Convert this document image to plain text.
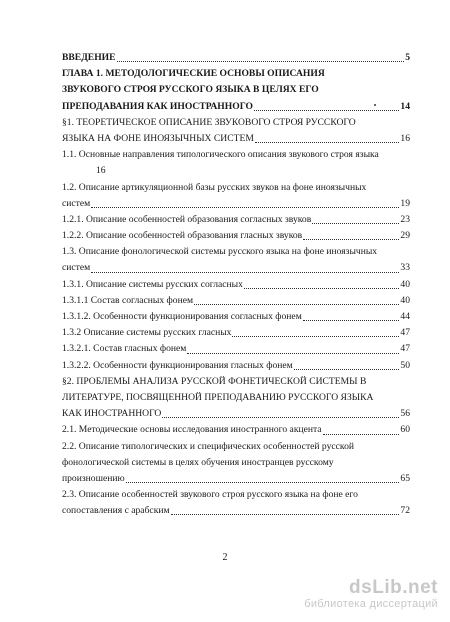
ВВЕДЕНИЕ	5
ГЛАВА 1. МЕТОДОЛОГИЧЕСКИЕ ОСНОВЫ ОПИСАНИЯ
ЗВУКОВОГО СТРОЯ РУССКОГО ЯЗЫКА В ЦЕЛЯХ ЕГО
ПРЕПОДАВАНИЯ КАК ИНОСТРАННОГО	14
§1. ТЕОРЕТИЧЕСКОЕ ОПИСАНИЕ ЗВУКОВОГО СТРОЯ РУССКОГО
ЯЗЫКА НА ФОНЕ ИНОЯЗЫЧНЫХ СИСТЕМ	16
1.1. Основные направления типологического описания звукового строя языка
16
1.2. Описание артикуляционной базы русских звуков на фоне иноязычных
систем	19
1.2.1. Описание особенностей образования согласных звуков	23
1.2.2. Описание особенностей образования гласных звуков	29
1.3. Описание фонологической системы русского языка на фоне иноязычных
систем	33
1.3.1. Описание системы русских согласных	40
1.3.1.1 Состав согласных фонем	40
1.3.1.2. Особенности функционирования согласных фонем	44
1.3.2 Описание системы русских гласных	47
1.3.2.1. Состав гласных фонем	47
1.3.2.2. Особенности функционирования гласных фонем	50
§2. ПРОБЛЕМЫ АНАЛИЗА РУССКОЙ ФОНЕТИЧЕСКОЙ СИСТЕМЫ В
ЛИТЕРАТУРЕ, ПОСВЯЩЕННОЙ ПРЕПОДАВАНИЮ РУССКОГО ЯЗЫКА
КАК ИНОСТРАННОГО	56
2.1. Методические основы исследования иностранного акцента	60
2.2. Описание типологических и специфических особенностей русской
фонологической системы в целях обучения иностранцев русскому
произношению	65
2.3. Описание особенностей звукового строя русского языка на фоне его
сопоставления с арабским	72
2
dsLib.net
библиотека диссертаций
